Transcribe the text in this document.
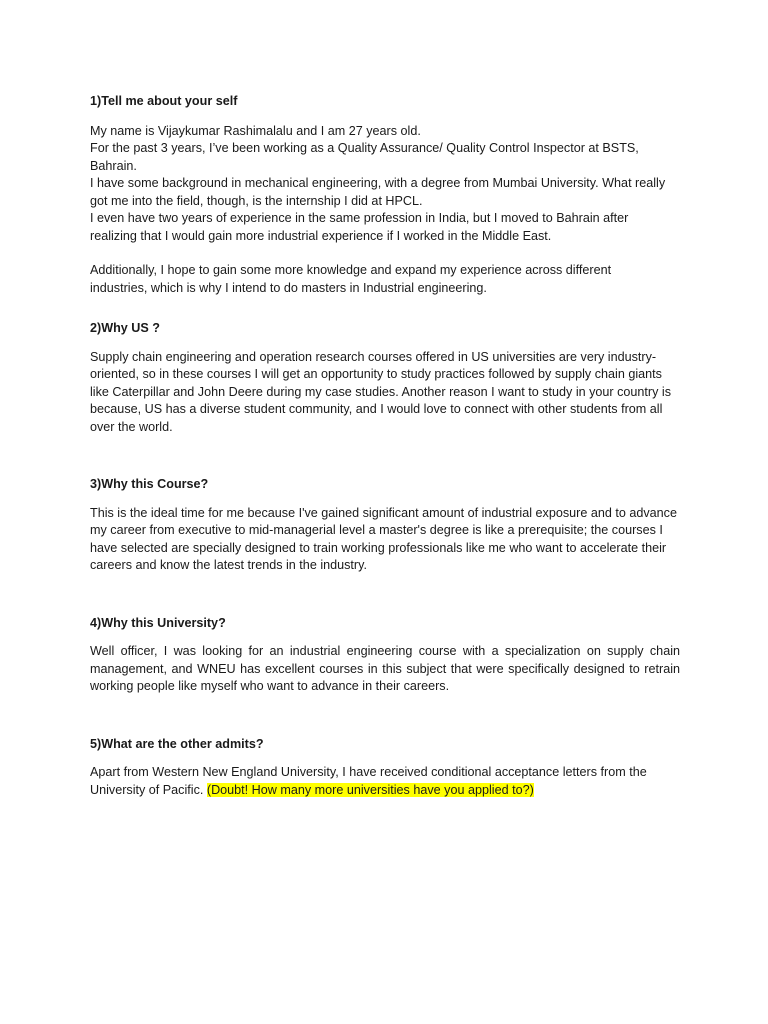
1)Tell me about your self

My name is Vijaykumar Rashimalalu and I am 27 years old.
For the past 3 years, I’ve been working as a Quality Assurance/ Quality Control Inspector at BSTS,
Bahrain.
I have some background in mechanical engineering, with a degree from Mumbai University. What really
got me into the field, though, is the internship I did at HPCL.
I even have two years of experience in the same profession in India, but I moved to Bahrain after
realizing that I would gain more industrial experience if I worked in the Middle East.

Additionally, I hope to gain some more knowledge and expand my experience across different
industries, which is why I intend to do masters in Industrial engineering.

2)Why US ?

Supply chain engineering and operation research courses offered in US universities are very industry-oriented, so in these courses I will get an opportunity to study practices followed by supply chain giants like Caterpillar and John Deere during my case studies. Another reason I want to study in your country is because, US has a diverse student community, and I would love to connect with other students from all over the world.

3)Why this Course?

This is the ideal time for me because I've gained significant amount of industrial exposure and to advance my career from executive to mid-managerial level a master's degree is like a prerequisite; the courses I have selected are specially designed to train working professionals like me who want to accelerate their careers and know the latest trends in the industry.

4)Why this University?

Well officer, I was looking for an industrial engineering course with a specialization on supply chain management, and WNEU has excellent courses in this subject that were specifically designed to retrain working people like myself who want to advance in their careers.

5)What are the other admits?

Apart from Western New England University, I have received conditional acceptance letters from the University of Pacific. (Doubt! How many more universities have you applied to?)
